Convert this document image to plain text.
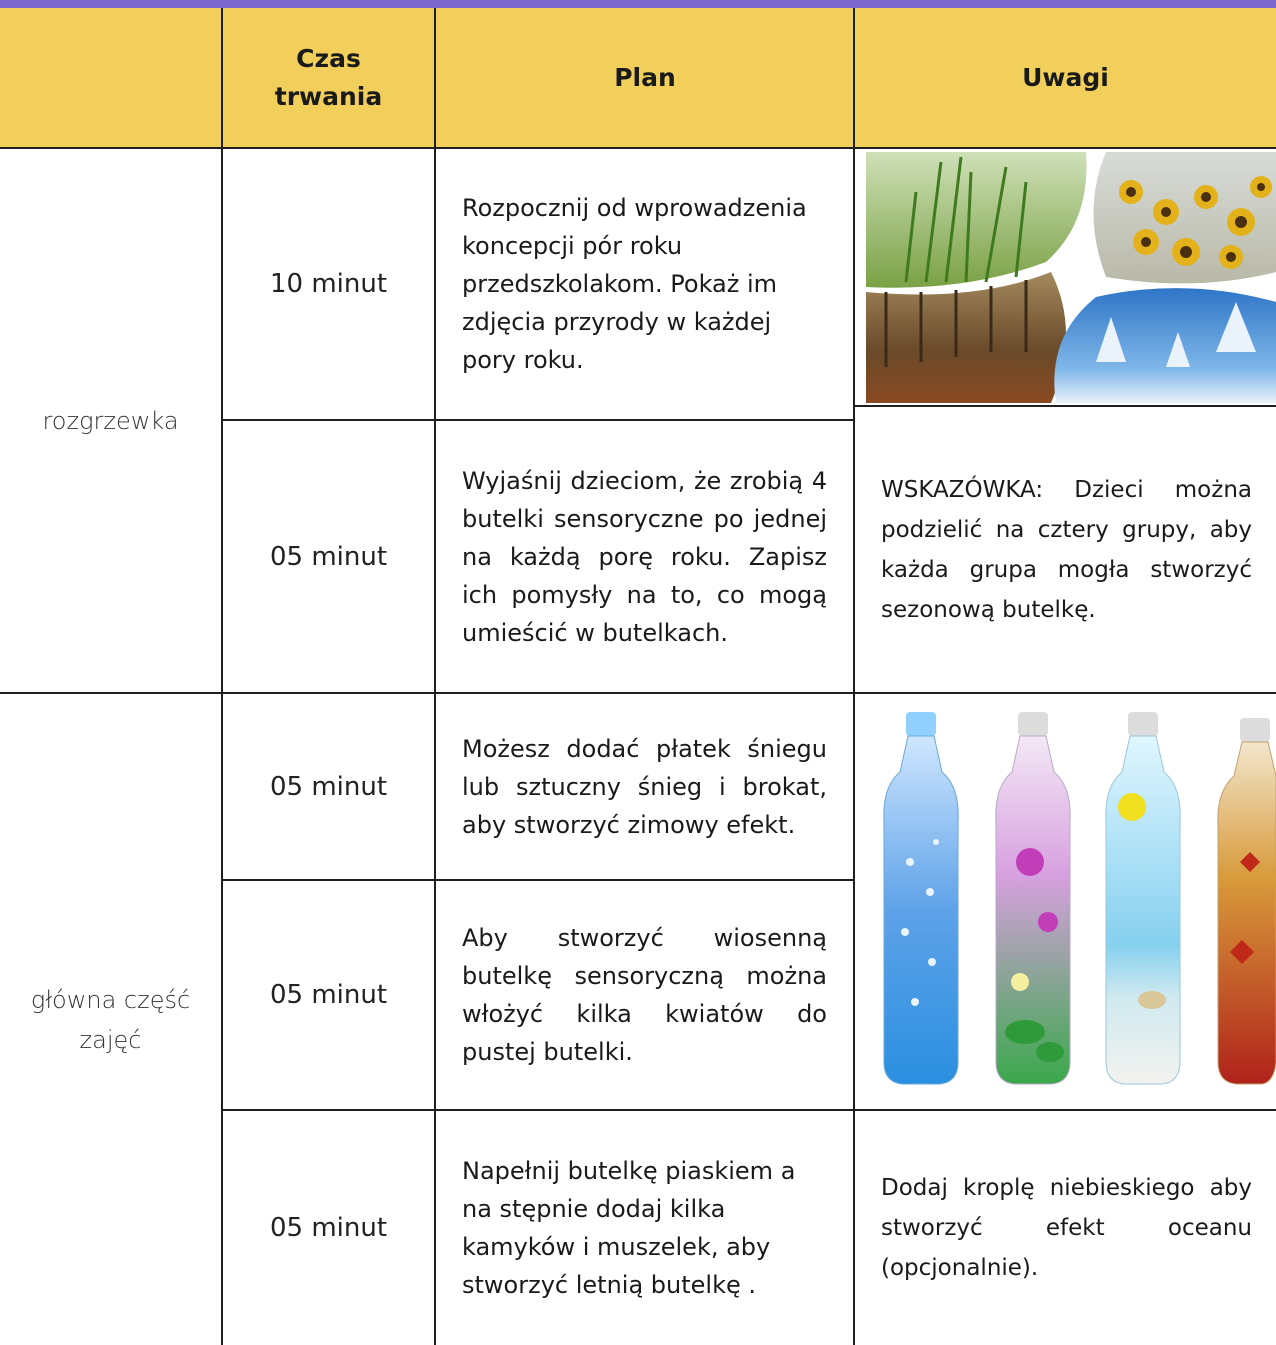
Czas trwania
Plan	Uwagi
rozgrzewka
główna część zajęć
10 minut
Rozpocznij od wprowadzenia koncepcji pór roku przedszkolakom. Pokaż im zdjęcia przyrody w każdej pory roku.
05 minut
Wyjaśnij dzieciom, że zrobią 4 butelki sensoryczne po jednej na każdą porę roku. Zapisz ich pomysły na to, co mogą umieścić w butelkach.
WSKAZÓWKA: Dzieci można podzielić na cztery grupy, aby każda grupa mogła stworzyć sezonową butelkę.
05 minut
Możesz dodać płatek śniegu lub sztuczny śnieg i brokat, aby stworzyć zimowy efekt.
05 minut
Aby stworzyć wiosenną butelkę sensoryczną można włożyć kilka kwiatów do pustej butelki.
05 minut
Napełnij butelkę piaskiem a na stępnie dodaj kilka kamyków i muszelek, aby stworzyć letnią butelkę .
Dodaj kroplę niebieskiego aby stworzyć efekt oceanu (opcjonalnie).
